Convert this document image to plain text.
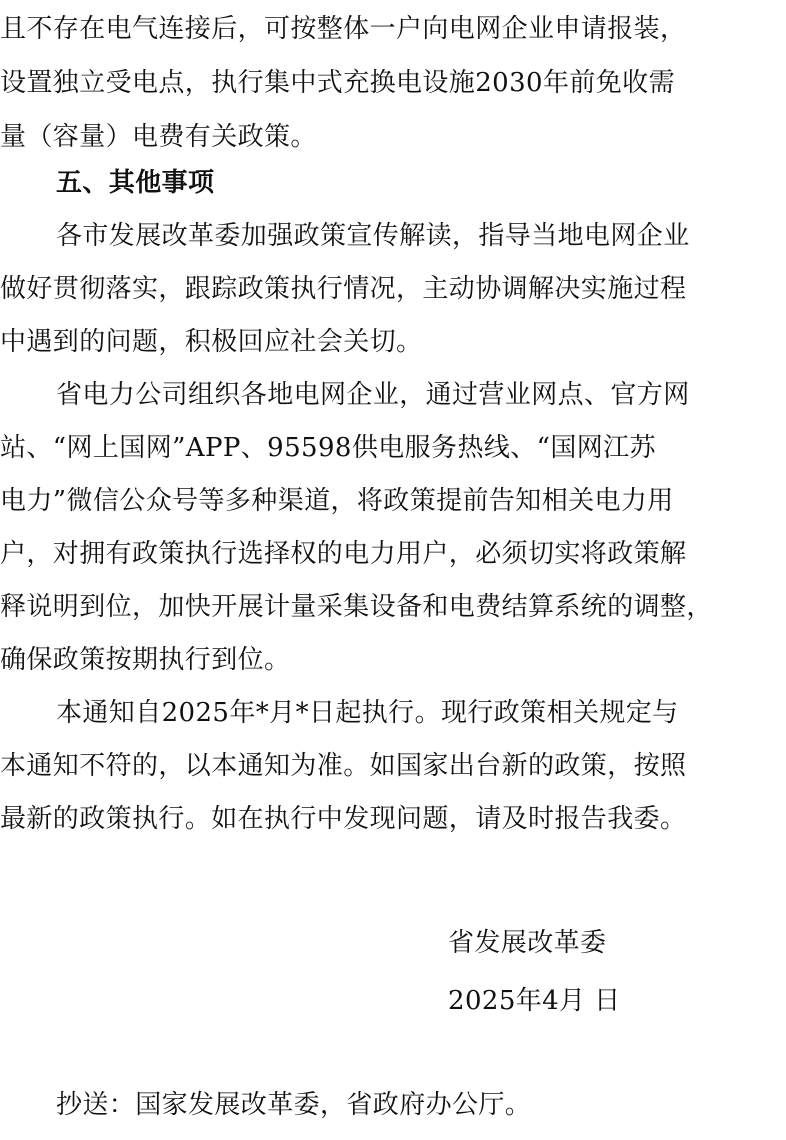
且不存在电气连接后，可按整体一户向电网企业申请报装，
设置独立受电点，执行集中式充换电设施2030年前免收需
量（容量）电费有关政策。
五、其他事项
各市发展改革委加强政策宣传解读，指导当地电网企业
做好贯彻落实，跟踪政策执行情况，主动协调解决实施过程
中遇到的问题，积极回应社会关切。
省电力公司组织各地电网企业，通过营业网点、官方网
站、“网上国网”APP、95598供电服务热线、“国网江苏
电力”微信公众号等多种渠道，将政策提前告知相关电力用
户，对拥有政策执行选择权的电力用户，必须切实将政策解
释说明到位，加快开展计量采集设备和电费结算系统的调整，
确保政策按期执行到位。
本通知自2025年*月*日起执行。现行政策相关规定与
本通知不符的，以本通知为准。如国家出台新的政策，按照
最新的政策执行。如在执行中发现问题，请及时报告我委。
省发展改革委
2025年4月 日
抄送：国家发展改革委，省政府办公厅。
